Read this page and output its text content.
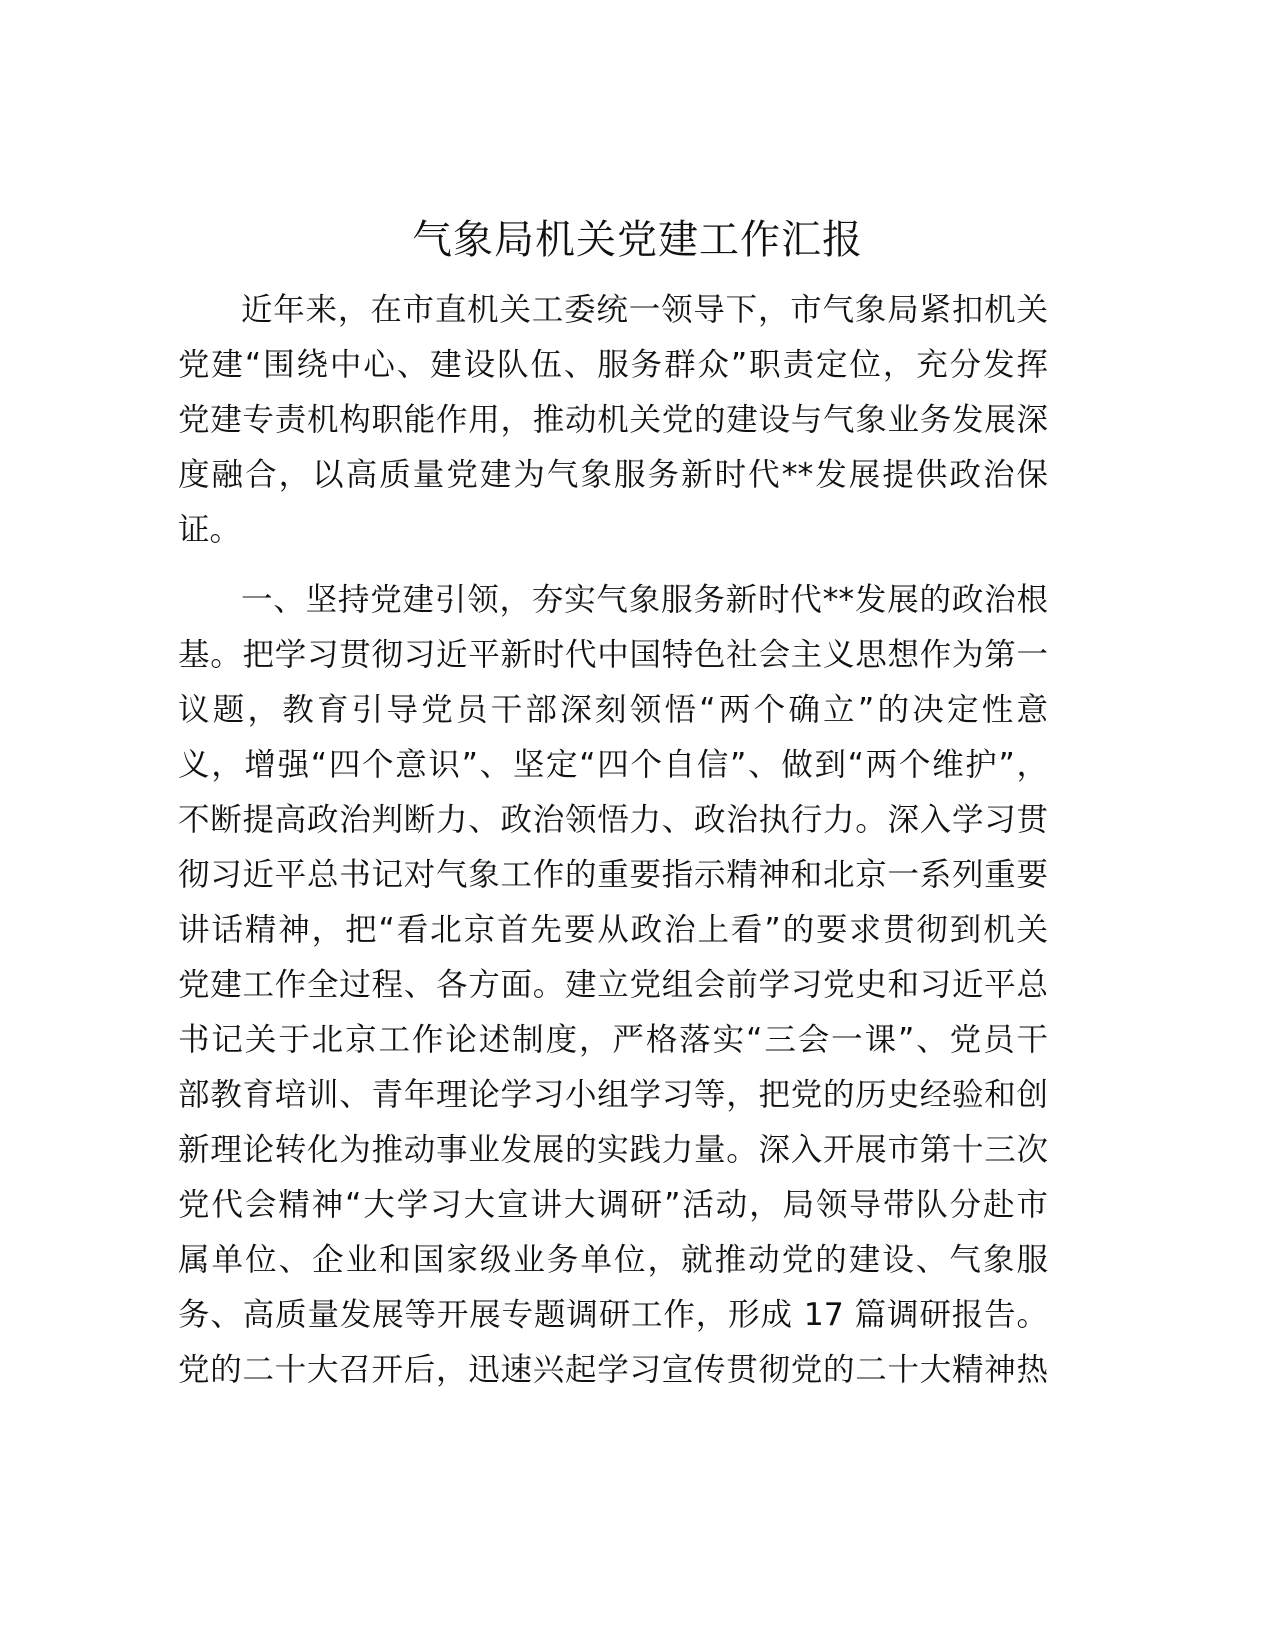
气象局机关党建工作汇报
近年来，在市直机关工委统一领导下，市气象局紧扣机关
党建“围绕中心、建设队伍、服务群众”职责定位，充分发挥
党建专责机构职能作用，推动机关党的建设与气象业务发展深
度融合，以高质量党建为气象服务新时代**发展提供政治保
证。
一、坚持党建引领，夯实气象服务新时代**发展的政治根
基。把学习贯彻习近平新时代中国特色社会主义思想作为第一
议题，教育引导党员干部深刻领悟“两个确立”的决定性意
义，增强“四个意识”、坚定“四个自信”、做到“两个维护”，
不断提高政治判断力、政治领悟力、政治执行力。深入学习贯
彻习近平总书记对气象工作的重要指示精神和北京一系列重要
讲话精神，把“看北京首先要从政治上看”的要求贯彻到机关
党建工作全过程、各方面。建立党组会前学习党史和习近平总
书记关于北京工作论述制度，严格落实“三会一课”、党员干
部教育培训、青年理论学习小组学习等，把党的历史经验和创
新理论转化为推动事业发展的实践力量。深入开展市第十三次
党代会精神“大学习大宣讲大调研”活动，局领导带队分赴市
属单位、企业和国家级业务单位，就推动党的建设、气象服
务、高质量发展等开展专题调研工作，形成 17 篇调研报告。
党的二十大召开后，迅速兴起学习宣传贯彻党的二十大精神热
